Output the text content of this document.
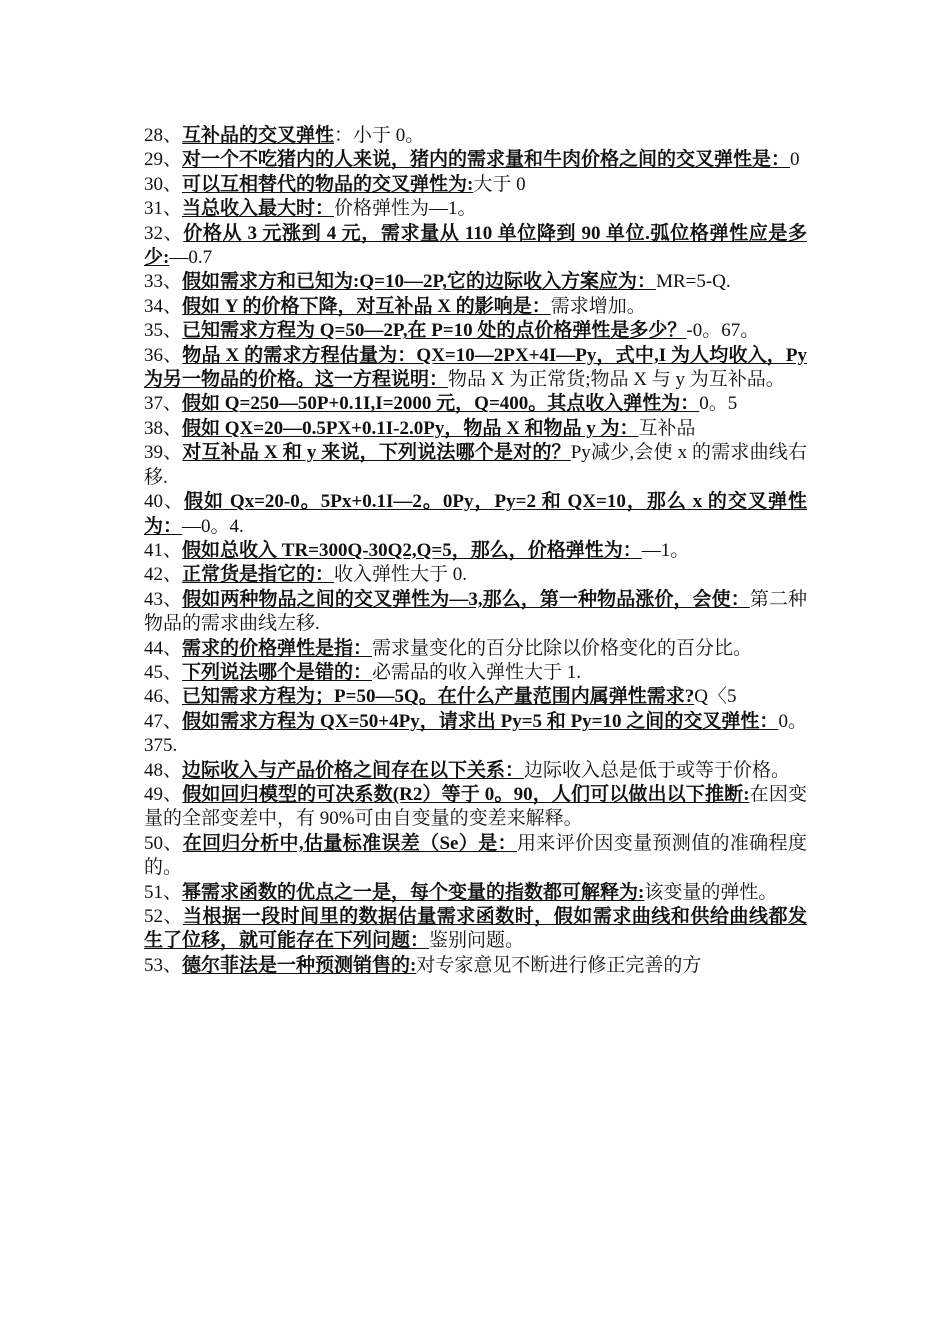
28、互补品的交叉弹性：小于 0。

29、对一个不吃猪内的人来说，猪内的需求量和牛肉价格之间的交叉弹性是：0

30、可以互相替代的物品的交叉弹性为:大于 0

31、当总收入最大时：价格弹性为—1。

32、价格从 3 元涨到 4 元，需求量从 110 单位降到 90 单位.弧位格弹性应是多少:—0.7

33、假如需求方和已知为:Q=10—2P,它的边际收入方案应为：MR=5-Q.

34、假如 Y 的价格下降，对互补品 X 的影响是：需求增加。

35、已知需求方程为 Q=50—2P,在 P=10 处的点价格弹性是多少？-0。67。

36、物品 X 的需求方程估量为：QX=10—2PX+4I—Py，式中,I 为人均收入，Py 为另一物品的价格。这一方程说明：物品 X 为正常货;物品 X 与 y 为互补品。

37、假如 Q=250—50P+0.1I,I=2000 元，Q=400。其点收入弹性为：0。5

38、假如 QX=20—0.5PX+0.1I-2.0Py，物品 X 和物品 y 为：互补品

39、对互补品 X 和 y 来说，下列说法哪个是对的？Py减少,会使 x 的需求曲线右移.

40、假如 Qx=20-0。5Px+0.1I—2。0Py，Py=2 和 QX=10，那么 x 的交叉弹性为：—0。4.

41、假如总收入 TR=300Q-30Q2,Q=5，那么，价格弹性为：—1。

42、正常货是指它的：收入弹性大于 0.

43、假如两种物品之间的交叉弹性为—3,那么，第一种物品涨价，会使：第二种物品的需求曲线左移.

44、需求的价格弹性是指：需求量变化的百分比除以价格变化的百分比。

45、下列说法哪个是错的：必需品的收入弹性大于 1.

46、已知需求方程为；P=50—5Q。在什么产量范围内属弹性需求?Q〈5

47、假如需求方程为 QX=50+4Py，请求出 Py=5 和 Py=10 之间的交叉弹性：0。375.

48、边际收入与产品价格之间存在以下关系：边际收入总是低于或等于价格。

49、假如回归模型的可决系数(R2）等于 0。90，人们可以做出以下推断:在因变量的全部变差中，有 90%可由自变量的变差来解释。

50、在回归分析中,估量标准误差（Se）是：用来评价因变量预测值的准确程度的。

51、幂需求函数的优点之一是，每个变量的指数都可解释为:该变量的弹性。

52、当根据一段时间里的数据估量需求函数时，假如需求曲线和供给曲线都发生了位移，就可能存在下列问题：鉴别问题。

53、德尔菲法是一种预测销售的:对专家意见不断进行修正完善的方
